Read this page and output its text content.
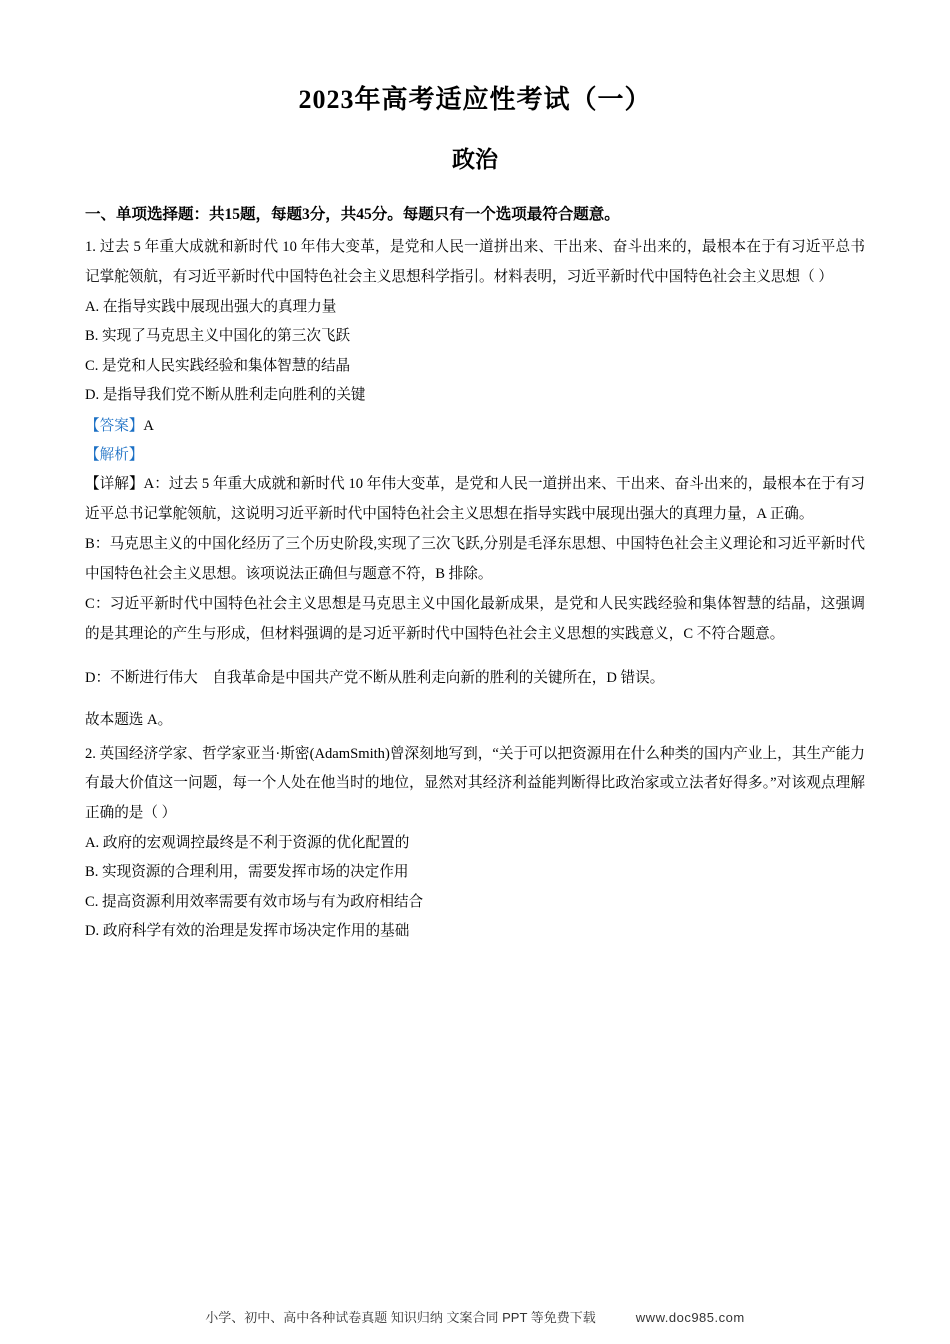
2023年高考适应性考试（一）
政治
一、单项选择题：共15题，每题3分，共45分。每题只有一个选项最符合题意。

1. 过去 5 年重大成就和新时代 10 年伟大变革，是党和人民一道拼出来、干出来、奋斗出来的，最根本在于有习近平总书记掌舵领航，有习近平新时代中国特色社会主义思想科学指引。材料表明，习近平新时代中国特色社会主义思想（ ）

A. 在指导实践中展现出强大的真理力量

B. 实现了马克思主义中国化的第三次飞跃

C. 是党和人民实践经验和集体智慧的结晶

D. 是指导我们党不断从胜利走向胜利的关键

【答案】A

【解析】

【详解】A：过去 5 年重大成就和新时代 10 年伟大变革，是党和人民一道拼出来、干出来、奋斗出来的，最根本在于有习近平总书记掌舵领航，这说明习近平新时代中国特色社会主义思想在指导实践中展现出强大的真理力量，A 正确。

B：马克思主义的中国化经历了三个历史阶段,实现了三次飞跃,分别是毛泽东思想、中国特色社会主义理论和习近平新时代中国特色社会主义思想。该项说法正确但与题意不符，B 排除。

C：习近平新时代中国特色社会主义思想是马克思主义中国化最新成果，是党和人民实践经验和集体智慧的结晶，这强调的是其理论的产生与形成，但材料强调的是习近平新时代中国特色社会主义思想的实践意义，C 不符合题意。

D：不断进行伟大　自我革命是中国共产党不断从胜利走向新的胜利的关键所在，D 错误。

故本题选 A。

2. 英国经济学家、哲学家亚当·斯密(AdamSmith)曾深刻地写到，“关于可以把资源用在什么种类的国内产业上，其生产能力有最大价值这一问题，每一个人处在他当时的地位，显然对其经济利益能判断得比政治家或立法者好得多。”对该观点理解正确的是（ ）

A. 政府的宏观调控最终是不利于资源的优化配置的

B. 实现资源的合理利用，需要发挥市场的决定作用

C. 提高资源利用效率需要有效市场与有为政府相结合

D. 政府科学有效的治理是发挥市场决定作用的基础

小学、初中、高中各种试卷真题 知识归纳 文案合同 PPT 等免费下载	www.doc985.com
